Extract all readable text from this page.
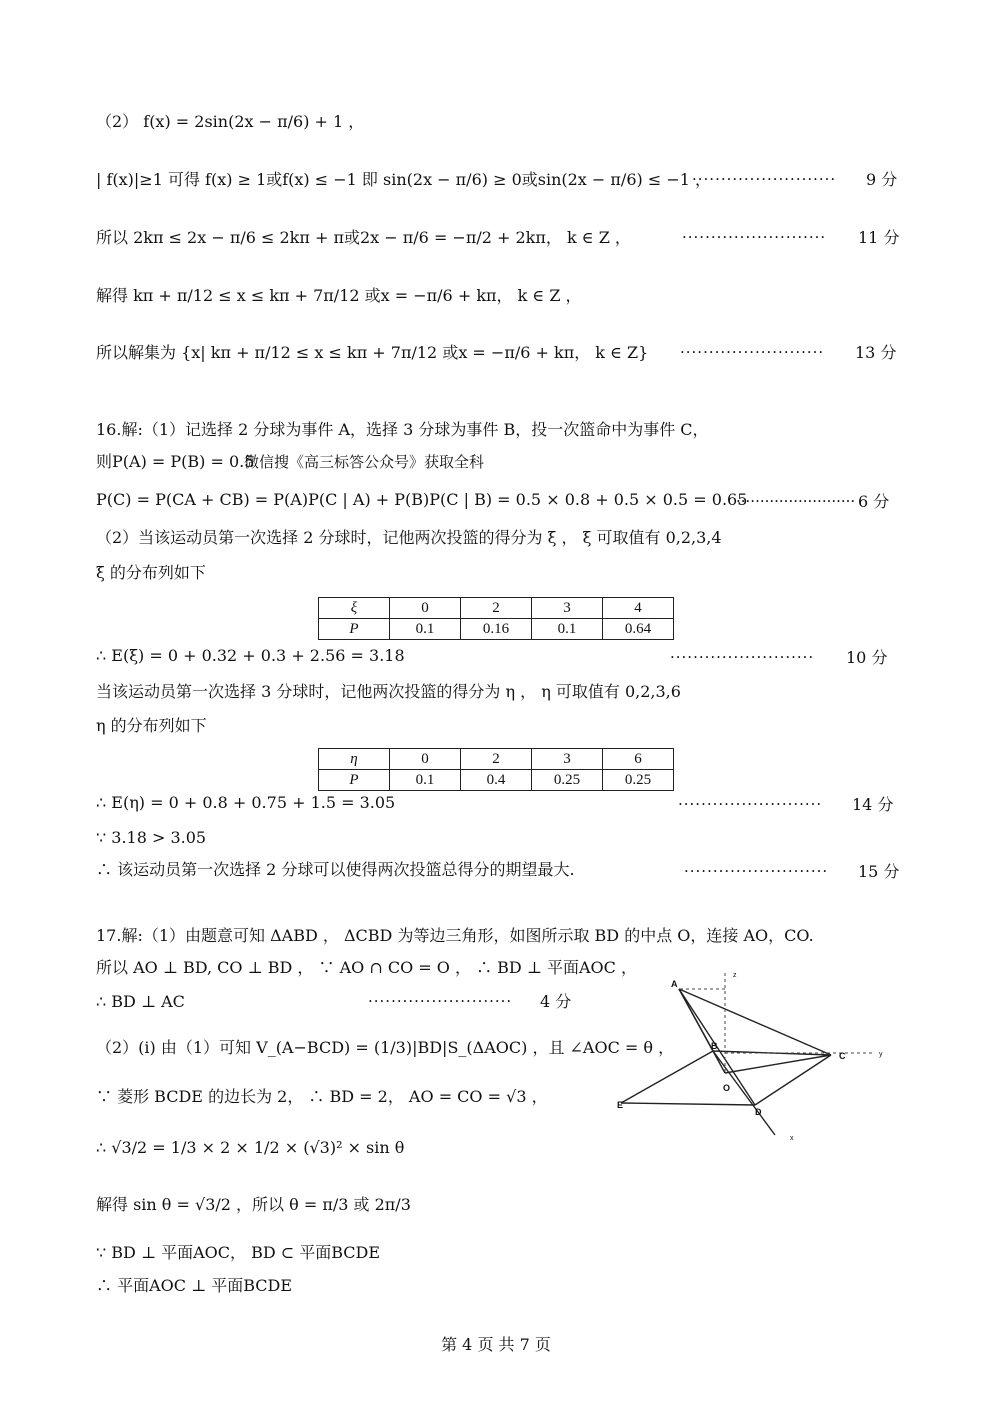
（2） f(x) = 2sin(2x − π/6) + 1 ，
| f(x)|≥1 可得 f(x) ≥ 1或f(x) ≤ −1 即 sin(2x − π/6) ≥ 0或sin(2x − π/6) ≤ −1 ，
························· 9 分
所以 2kπ ≤ 2x − π/6 ≤ 2kπ + π或2x − π/6 = −π/2 + 2kπ， k ∈ Z ，	························· 11 分
解得 kπ + π/12 ≤ x ≤ kπ + 7π/12 或x = −π/6 + kπ， k ∈ Z ，
所以解集为 {x| kπ + π/12 ≤ x ≤ kπ + 7π/12 或x = −π/6 + kπ， k ∈ Z} ························· 13 分
16.解:（1）记选择 2 分球为事件 A，选择 3 分球为事件 B，投一次篮命中为事件 C，
则P(A) = P(B) = 0.5
微信搜《高三标答公众号》获取全科
P(C) = P(CA + CB) = P(A)P(C | A) + P(B)P(C | B) = 0.5 × 0.8 + 0.5 × 0.5 = 0.65
························· 6 分
（2）当该运动员第一次选择 2 分球时，记他两次投篮的得分为 ξ ， ξ 可取值有 0,2,3,4
ξ 的分布列如下
ξ	0	2	3	4
P	0.1	0.16	0.1	0.64
∴ E(ξ) = 0 + 0.32 + 0.3 + 2.56 = 3.18	························· 10 分
当该运动员第一次选择 3 分球时，记他两次投篮的得分为 η ， η 可取值有 0,2,3,6
η 的分布列如下
η	0	2	3	6
P	0.1	0.4	0.25	0.25
∴ E(η) = 0 + 0.8 + 0.75 + 1.5 = 3.05	························· 14 分
∵ 3.18 > 3.05
∴ 该运动员第一次选择 2 分球可以使得两次投篮总得分的期望最大.	························· 15 分
17.解:（1）由题意可知 ΔABD ， ΔCBD 为等边三角形，如图所示取 BD 的中点 O，连接 AO，CO.
所以 AO ⊥ BD, CO ⊥ BD ， ∵ AO ∩ CO = O ， ∴ BD ⊥ 平面AOC ，
∴ BD ⊥ AC	························· 4 分
（2）(i) 由（1）可知 V_(A−BCD) = (1/3)|BD|S_(ΔAOC) ，且 ∠AOC = θ ，
∵ 菱形 BCDE 的边长为 2， ∴ BD = 2， AO = CO = √3 ，
∴ √3/2 = 1/3 × 2 × 1/2 × (√3)² × sin θ
解得 sin θ = √3/2 ，所以 θ = π/3 或 2π/3
∵ BD ⊥ 平面AOC， BD ⊂ 平面BCDE
∴ 平面AOC ⊥ 平面BCDE
A
B
C
D
E
O
x
y
z
第 4 页 共 7 页
